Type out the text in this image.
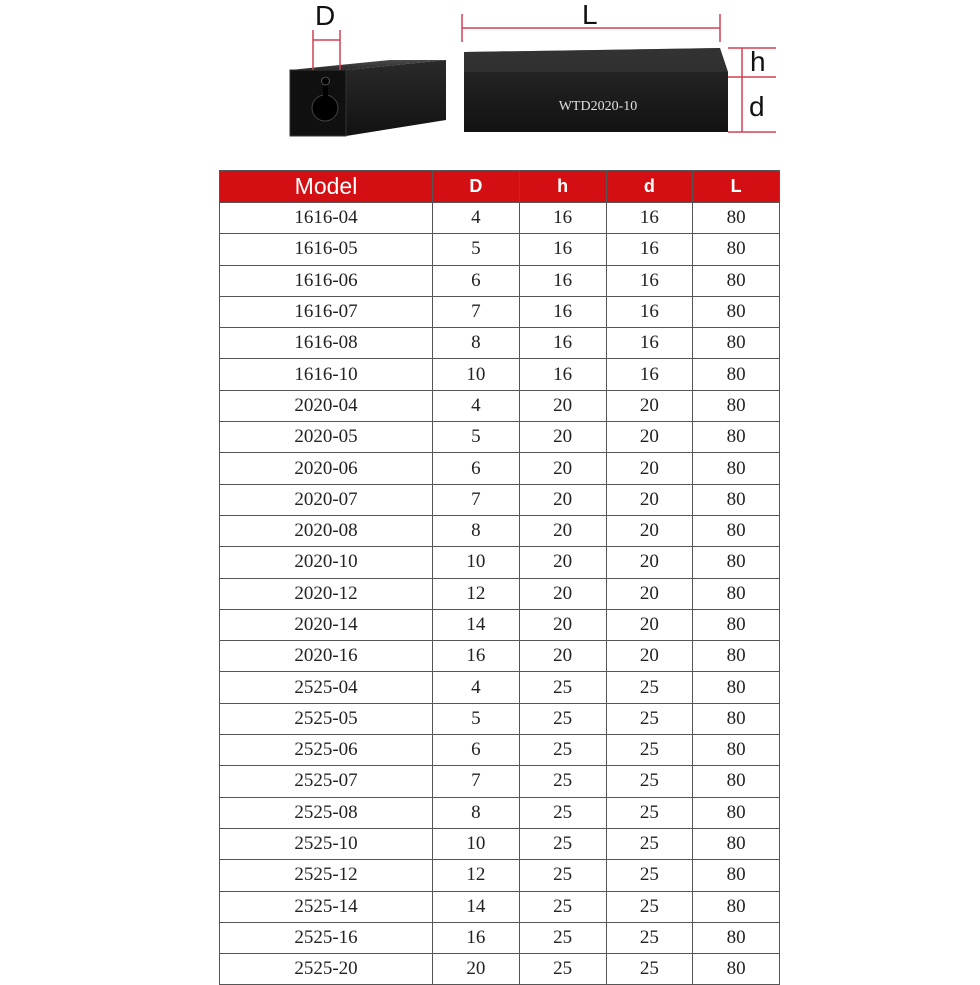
D	L
h
d
WTD2020-10
Model	D	h	d	L
1616-04	4	16	16	80
1616-05	5	16	16	80
1616-06	6	16	16	80
1616-07	7	16	16	80
1616-08	8	16	16	80
1616-10	10	16	16	80
2020-04	4	20	20	80
2020-05	5	20	20	80
2020-06	6	20	20	80
2020-07	7	20	20	80
2020-08	8	20	20	80
2020-10	10	20	20	80
2020-12	12	20	20	80
2020-14	14	20	20	80
2020-16	16	20	20	80
2525-04	4	25	25	80
2525-05	5	25	25	80
2525-06	6	25	25	80
2525-07	7	25	25	80
2525-08	8	25	25	80
2525-10	10	25	25	80
2525-12	12	25	25	80
2525-14	14	25	25	80
2525-16	16	25	25	80
2525-20	20	25	25	80
